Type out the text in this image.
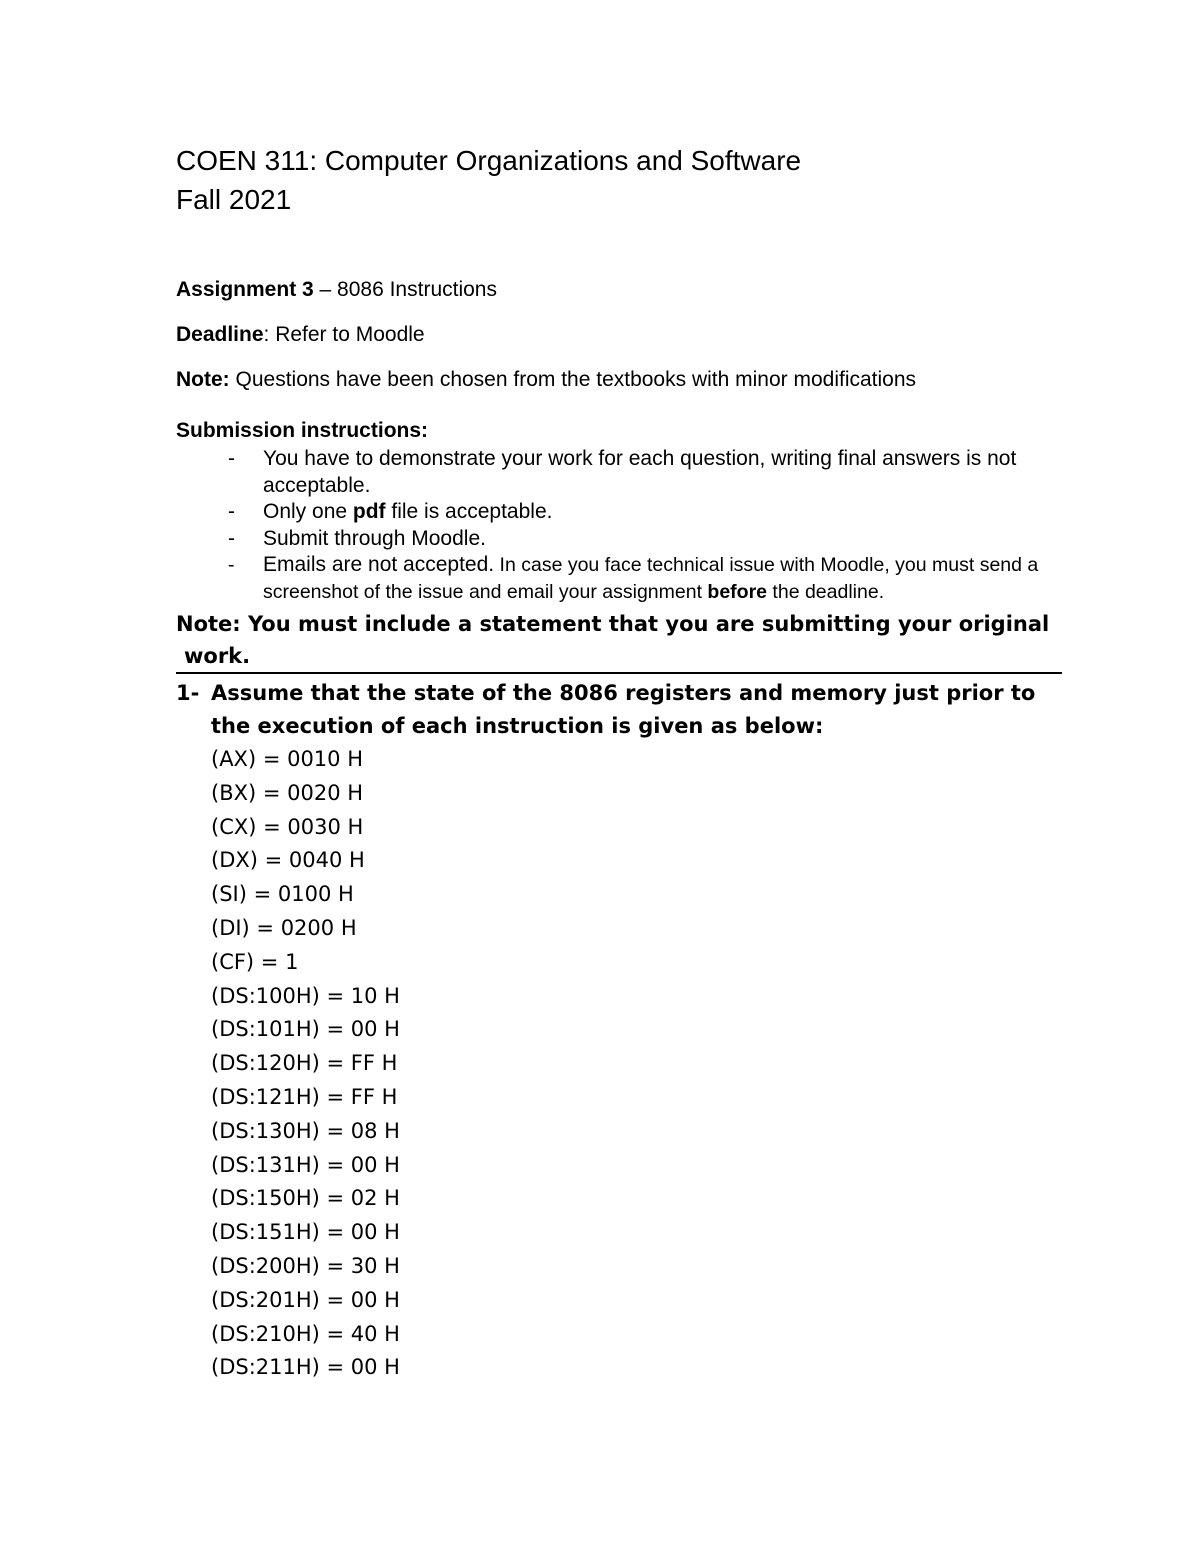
COEN 311: Computer Organizations and Software
Fall 2021

Assignment 3 – 8086 Instructions

Deadline: Refer to Moodle

Note: Questions have been chosen from the textbooks with minor modifications

Submission instructions:

- You have to demonstrate your work for each question, writing final answers is not acceptable.
- Only one pdf file is acceptable.
- Submit through Moodle.
- Emails are not accepted. In case you face technical issue with Moodle, you must send a screenshot of the issue and email your assignment before the deadline.

Note: You must include a statement that you are submitting your original
work.

1- Assume that the state of the 8086 registers and memory just prior to the execution of each instruction is given as below:
(AX) = 0010 H
(BX) = 0020 H
(CX) = 0030 H
(DX) = 0040 H
(SI) = 0100 H
(DI) = 0200 H
(CF) = 1
(DS:100H) = 10 H
(DS:101H) = 00 H
(DS:120H) = FF H
(DS:121H) = FF H
(DS:130H) = 08 H
(DS:131H) = 00 H
(DS:150H) = 02 H
(DS:151H) = 00 H
(DS:200H) = 30 H
(DS:201H) = 00 H
(DS:210H) = 40 H
(DS:211H) = 00 H
